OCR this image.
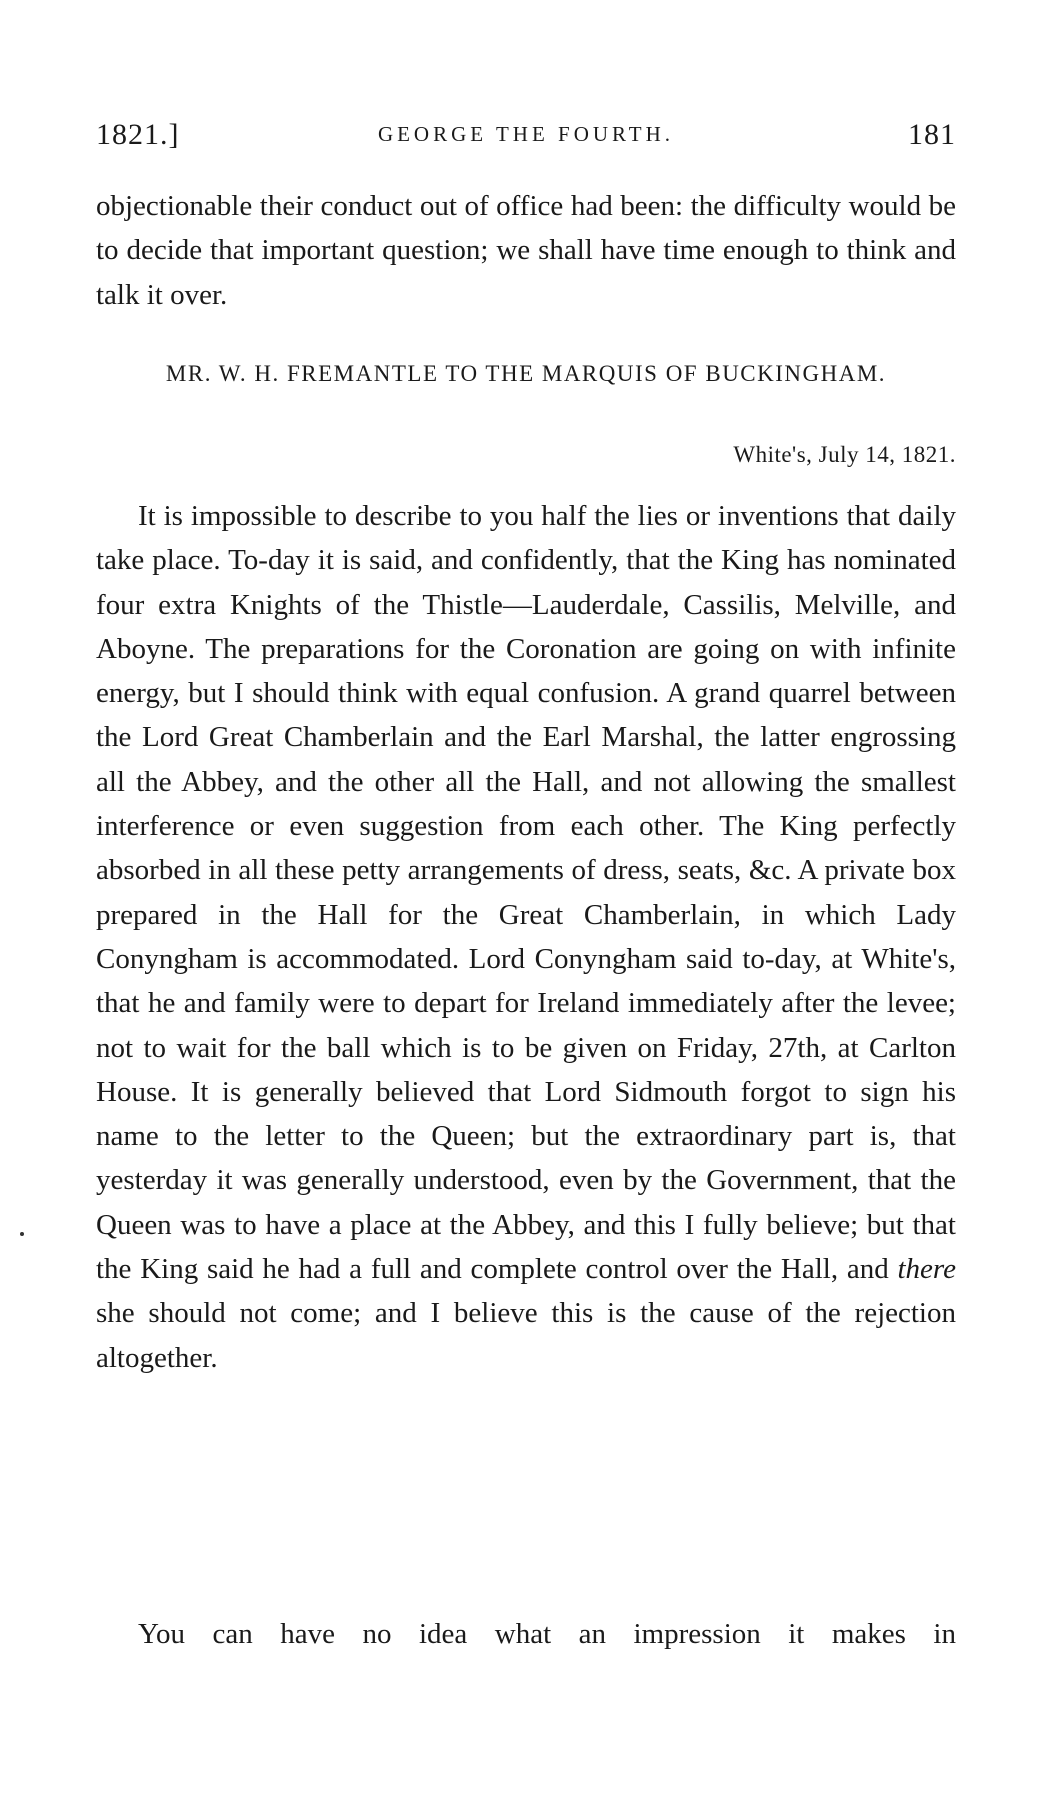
1821.]	GEORGE THE FOURTH.	181

objectionable their conduct out of office had been: the difficulty would be to decide that important question; we shall have time enough to think and talk it over.

MR. W. H. FREMANTLE TO THE MARQUIS OF BUCKINGHAM.

White's, July 14, 1821.

It is impossible to describe to you half the lies or inventions that daily take place. To-day it is said, and confidently, that the King has nominated four extra Knights of the Thistle—Lauderdale, Cassilis, Melville, and Aboyne. The preparations for the Coronation are going on with infinite energy, but I should think with equal confusion. A grand quarrel between the Lord Great Chamberlain and the Earl Marshal, the latter engrossing all the Abbey, and the other all the Hall, and not allowing the smallest interference or even suggestion from each other. The King perfectly absorbed in all these petty arrangements of dress, seats, &c. A private box prepared in the Hall for the Great Chamberlain, in which Lady Conyngham is accommodated. Lord Conyngham said to-day, at White's, that he and family were to depart for Ireland immediately after the levee; not to wait for the ball which is to be given on Friday, 27th, at Carlton House. It is generally believed that Lord Sidmouth forgot to sign his name to the letter to the Queen; but the extraordinary part is, that yesterday it was generally understood, even by the Government, that the Queen was to have a place at the Abbey, and this I fully believe; but that the King said he had a full and complete control over the Hall, and there she should not come; and I believe this is the cause of the rejection altogether.

You can have no idea what an impression it makes in
